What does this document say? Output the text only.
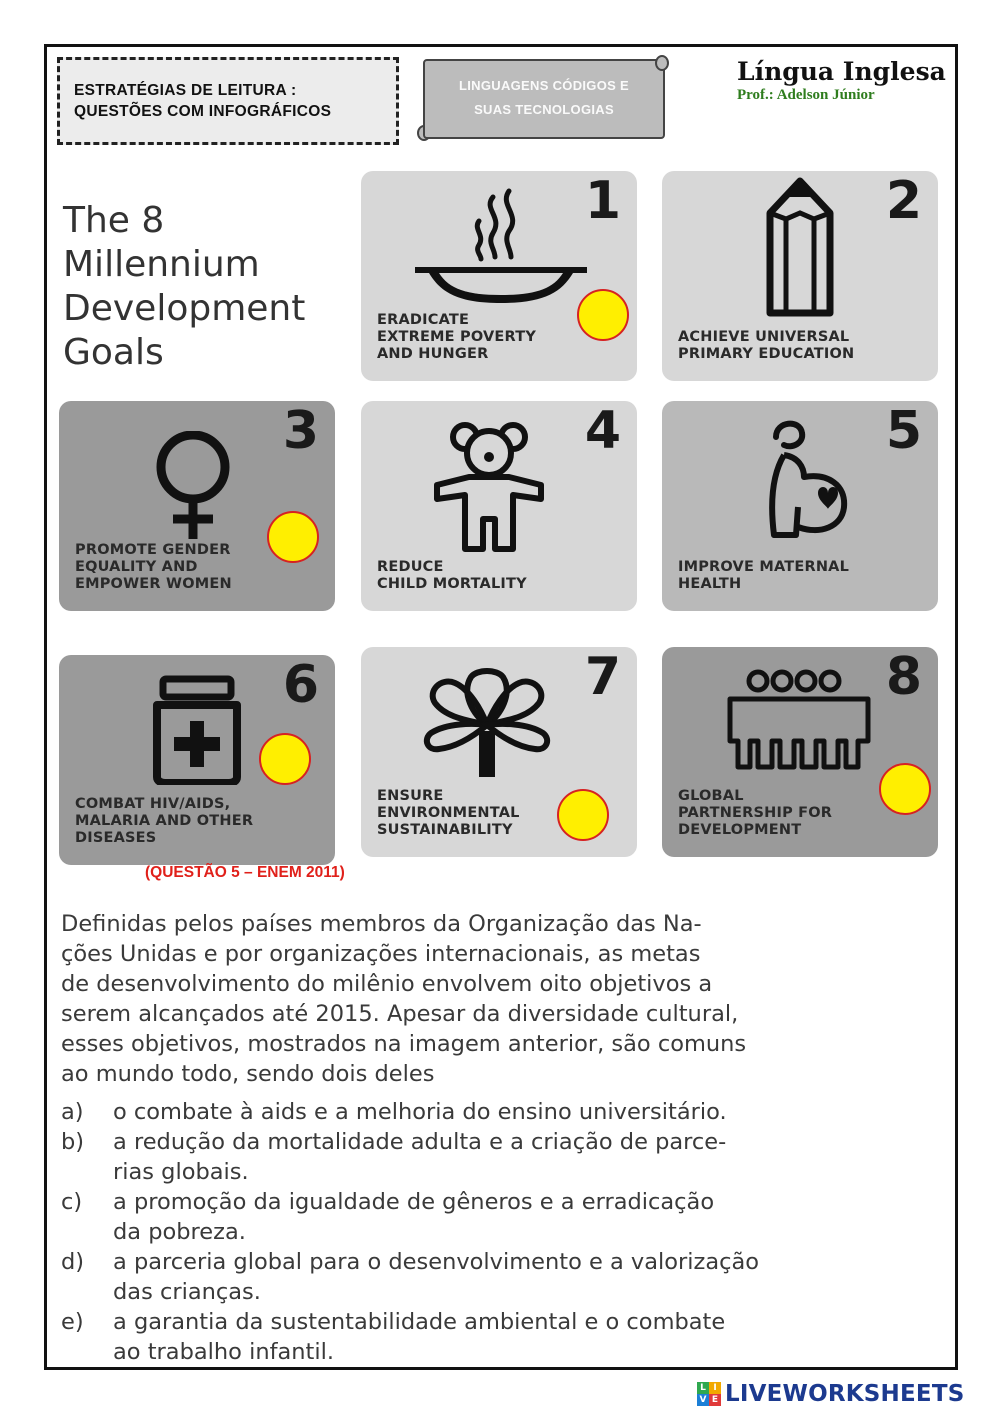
ESTRATÉGIAS DE LEITURA :
QUESTÕES COM INFOGRÁFICOS
LINGUAGENS CÓDIGOS E
SUAS TECNOLOGIAS
Língua Inglesa
Prof.: Adelson Júnior
The 8
Millennium
Development
Goals
1
ERADICATE
EXTREME POVERTY
AND HUNGER
2
ACHIEVE UNIVERSAL
PRIMARY EDUCATION
3
PROMOTE GENDER
EQUALITY AND
EMPOWER WOMEN
4
REDUCE
CHILD MORTALITY
5
IMPROVE MATERNAL
HEALTH
6
COMBAT HIV/AIDS,
MALARIA AND OTHER
DISEASES
7
ENSURE
ENVIRONMENTAL
SUSTAINABILITY
8
GLOBAL
PARTNERSHIP FOR
DEVELOPMENT
(QUESTÃO 5 – ENEM 2011)
Definidas pelos países membros da Organização das Na-
ções Unidas e por organizações internacionais, as metas
de desenvolvimento do milênio envolvem oito objetivos a
serem alcançados até 2015. Apesar da diversidade cultural,
esses objetivos, mostrados na imagem anterior, são comuns
ao mundo todo, sendo dois deles
a) o combate à aids e a melhoria do ensino universitário.
b) a redução da mortalidade adulta e a criação de parce-
rias globais.
c) a promoção da igualdade de gêneros e a erradicação
da pobreza.
d) a parceria global para o desenvolvimento e a valorização
das crianças.
e) a garantia da sustentabilidade ambiental e o combate
ao trabalho infantil.
L I
V E LIVEWORKSHEETS
